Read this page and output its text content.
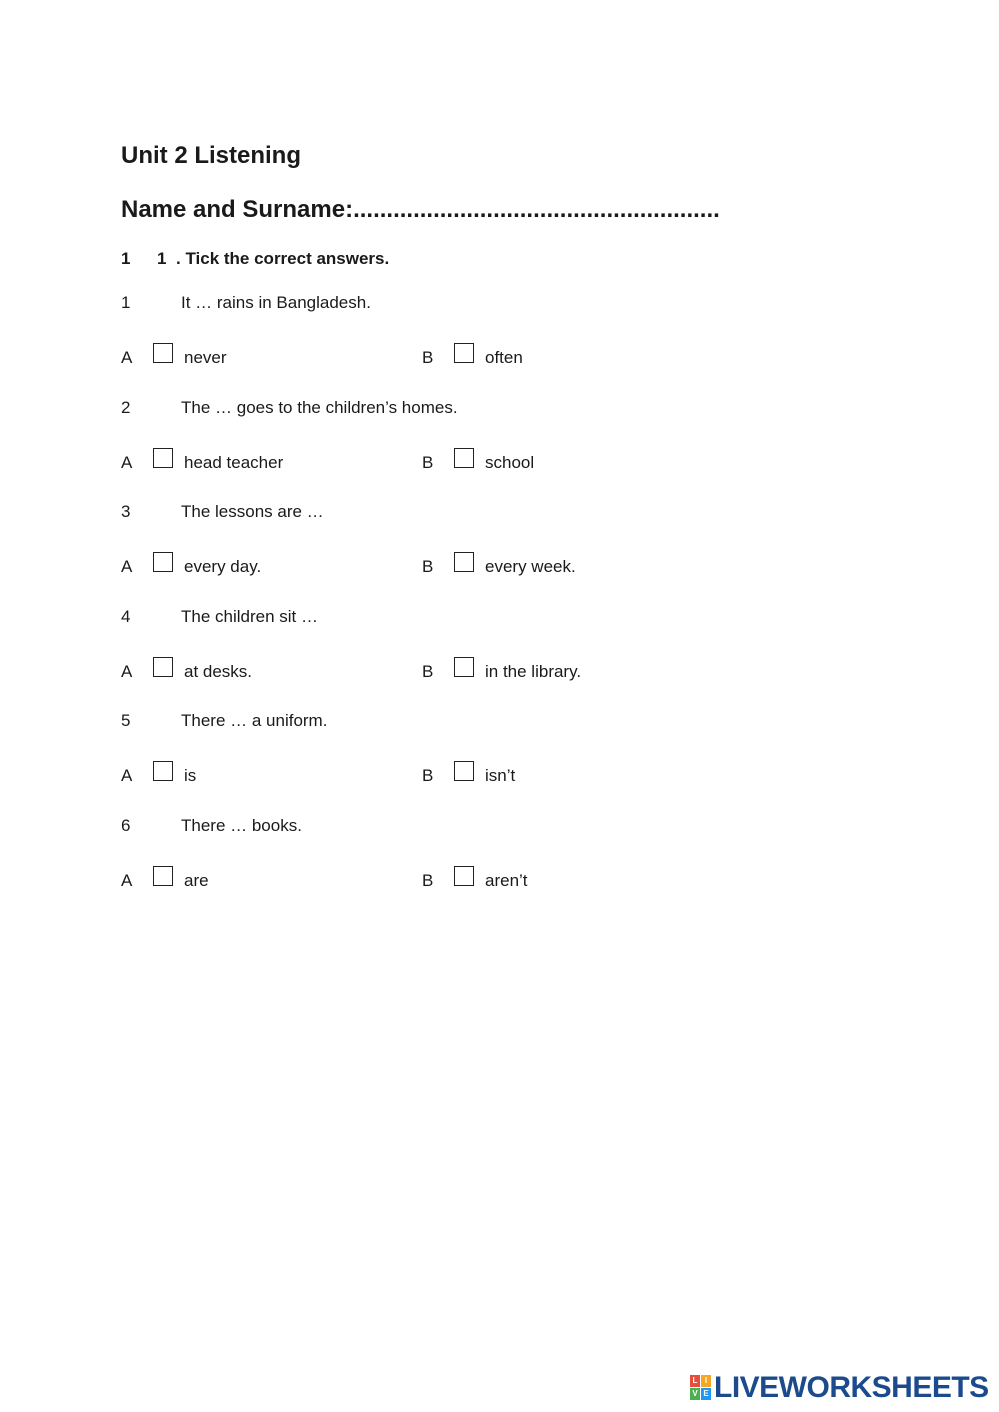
Unit 2 Listening
Name and Surname:.......................................................
1 1 . Tick the correct answers.
1	It … rains in Bangladesh.
A	never	B	often
2	The … goes to the children’s homes.
A	head teacher	B	school
3	The lessons are …
A	every day.	B	every week.
4	The children sit …
A	at desks.	B	in the library.
5	There … a uniform.
A	is	B	isn’t
6	There … books.
A	are	B	aren’t
L I
V E LIVEWORKSHEETS
